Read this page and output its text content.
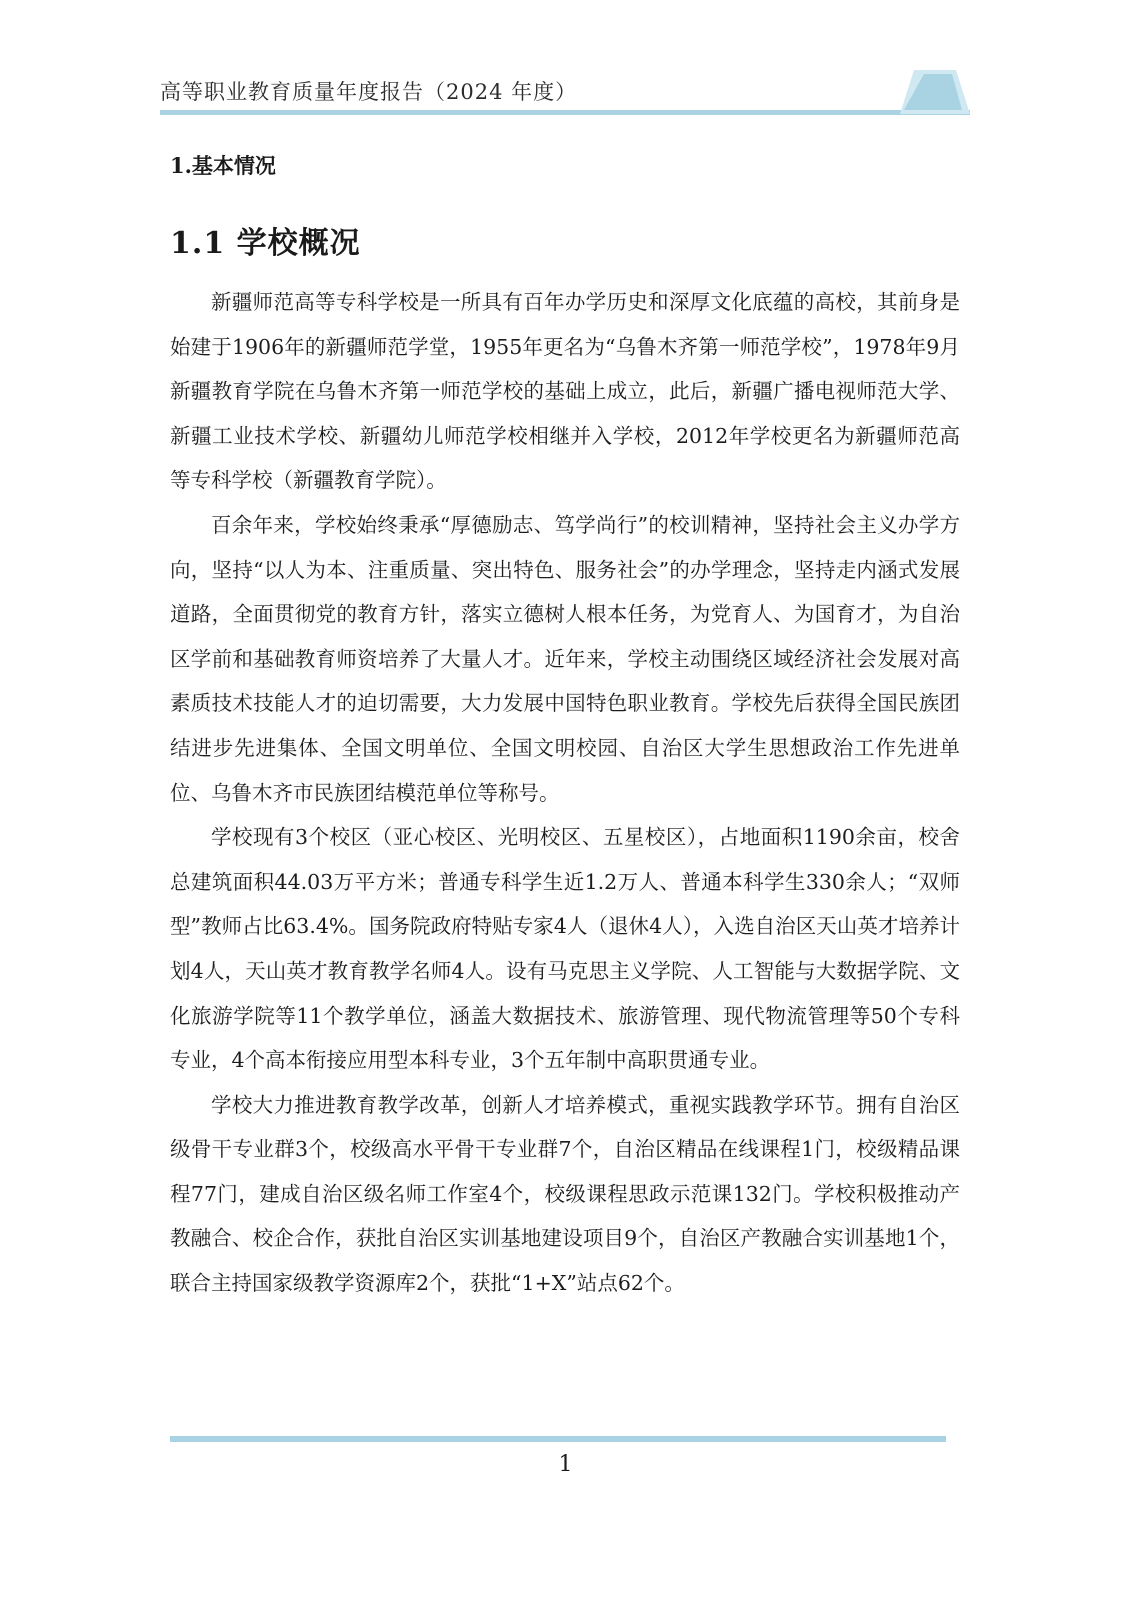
高等职业教育质量年度报告（2024 年度）
1.基本情况
1.1 学校概况

新疆师范高等专科学校是一所具有百年办学历史和深厚文化底蕴的高校，其前身是始建于1906年的新疆师范学堂，1955年更名为“乌鲁木齐第一师范学校”，1978年9月新疆教育学院在乌鲁木齐第一师范学校的基础上成立，此后，新疆广播电视师范大学、新疆工业技术学校、新疆幼儿师范学校相继并入学校，2012年学校更名为新疆师范高等专科学校（新疆教育学院）。

百余年来，学校始终秉承“厚德励志、笃学尚行”的校训精神，坚持社会主义办学方向，坚持“以人为本、注重质量、突出特色、服务社会”的办学理念，坚持走内涵式发展道路，全面贯彻党的教育方针，落实立德树人根本任务，为党育人、为国育才，为自治区学前和基础教育师资培养了大量人才。近年来，学校主动围绕区域经济社会发展对高素质技术技能人才的迫切需要，大力发展中国特色职业教育。学校先后获得全国民族团结进步先进集体、全国文明单位、全国文明校园、自治区大学生思想政治工作先进单位、乌鲁木齐市民族团结模范单位等称号。

学校现有3个校区（亚心校区、光明校区、五星校区），占地面积1190余亩，校舍总建筑面积44.03万平方米；普通专科学生近1.2万人、普通本科学生330余人；“双师型”教师占比63.4%。国务院政府特贴专家4人（退休4人），入选自治区天山英才培养计划4人，天山英才教育教学名师4人。设有马克思主义学院、人工智能与大数据学院、文化旅游学院等11个教学单位，涵盖大数据技术、旅游管理、现代物流管理等50个专科专业，4个高本衔接应用型本科专业，3个五年制中高职贯通专业。

学校大力推进教育教学改革，创新人才培养模式，重视实践教学环节。拥有自治区级骨干专业群3个，校级高水平骨干专业群7个，自治区精品在线课程1门，校级精品课程77门，建成自治区级名师工作室4个，校级课程思政示范课132门。学校积极推动产教融合、校企合作，获批自治区实训基地建设项目9个，自治区产教融合实训基地1个，联合主持国家级教学资源库2个，获批“1+X”站点62个。

1
